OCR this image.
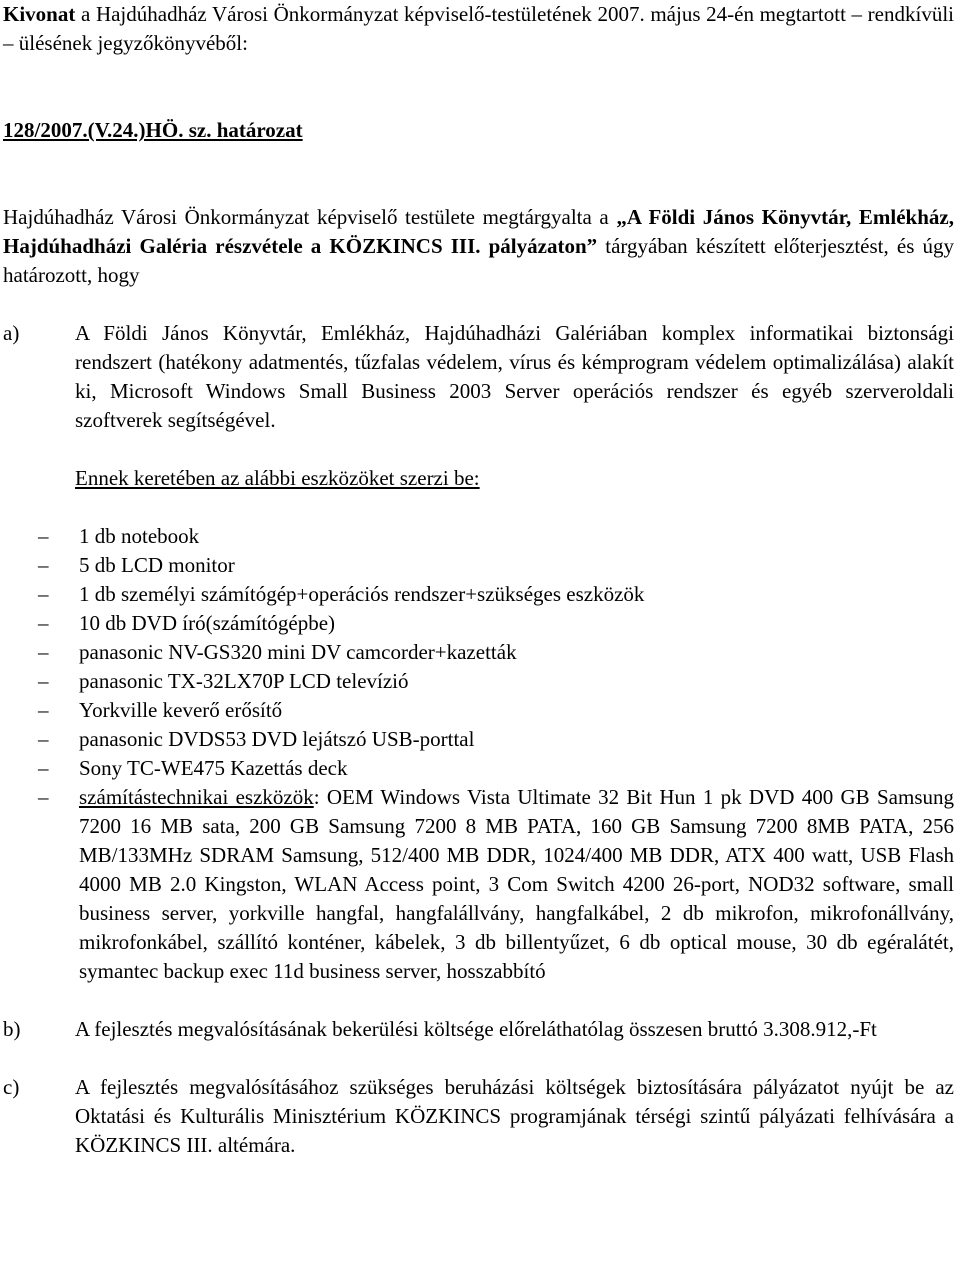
Kivonat a Hajdúhadház Városi Önkormányzat képviselő-testületének 2007. május 24-én megtartott – rendkívüli – ülésének jegyzőkönyvéből:
128/2007.(V.24.)HÖ. sz. határozat
Hajdúhadház Városi Önkormányzat képviselő testülete megtárgyalta a „A Földi János Könyvtár, Emlékház, Hajdúhadházi Galéria részvétele a KÖZKINCS III. pályázaton” tárgyában készített előterjesztést, és úgy határozott, hogy
a)	A Földi János Könyvtár, Emlékház, Hajdúhadházi Galériában komplex informatikai biztonsági rendszert (hatékony adatmentés, tűzfalas védelem, vírus és kémprogram védelem optimalizálása) alakít ki, Microsoft Windows Small Business 2003 Server operációs rendszer és egyéb szerveroldali szoftverek segítségével.
Ennek keretében az alábbi eszközöket szerzi be:
–	1 db notebook
–	5 db LCD monitor
–	1 db személyi számítógép+operációs rendszer+szükséges eszközök
–	10 db DVD író(számítógépbe)
–	panasonic NV-GS320 mini DV camcorder+kazetták
–	panasonic TX-32LX70P LCD televízió
–	Yorkville keverő erősítő
–	panasonic DVDS53 DVD lejátszó USB-porttal
–	Sony TC-WE475 Kazettás deck
–	számítástechnikai eszközök: OEM Windows Vista Ultimate 32 Bit Hun 1 pk DVD 400 GB Samsung 7200 16 MB sata, 200 GB Samsung 7200 8 MB PATA, 160 GB Samsung 7200 8MB PATA, 256 MB/133MHz SDRAM Samsung, 512/400 MB DDR, 1024/400 MB DDR, ATX 400 watt, USB Flash 4000 MB 2.0 Kingston, WLAN Access point, 3 Com Switch 4200 26-port, NOD32 software, small business server, yorkville hangfal, hangfalállvány, hangfalkábel, 2 db mikrofon, mikrofonállvány, mikrofonkábel, szállító konténer, kábelek, 3 db billentyűzet, 6 db optical mouse, 30 db egéralátét, symantec backup exec 11d business server, hosszabbító
b)	A fejlesztés megvalósításának bekerülési költsége előreláthatólag összesen bruttó 3.308.912,-Ft
c)	A fejlesztés megvalósításához szükséges beruházási költségek biztosítására pályázatot nyújt be az Oktatási és Kulturális Minisztérium KÖZKINCS programjának térségi szintű pályázati felhívására a KÖZKINCS III. altémára.
